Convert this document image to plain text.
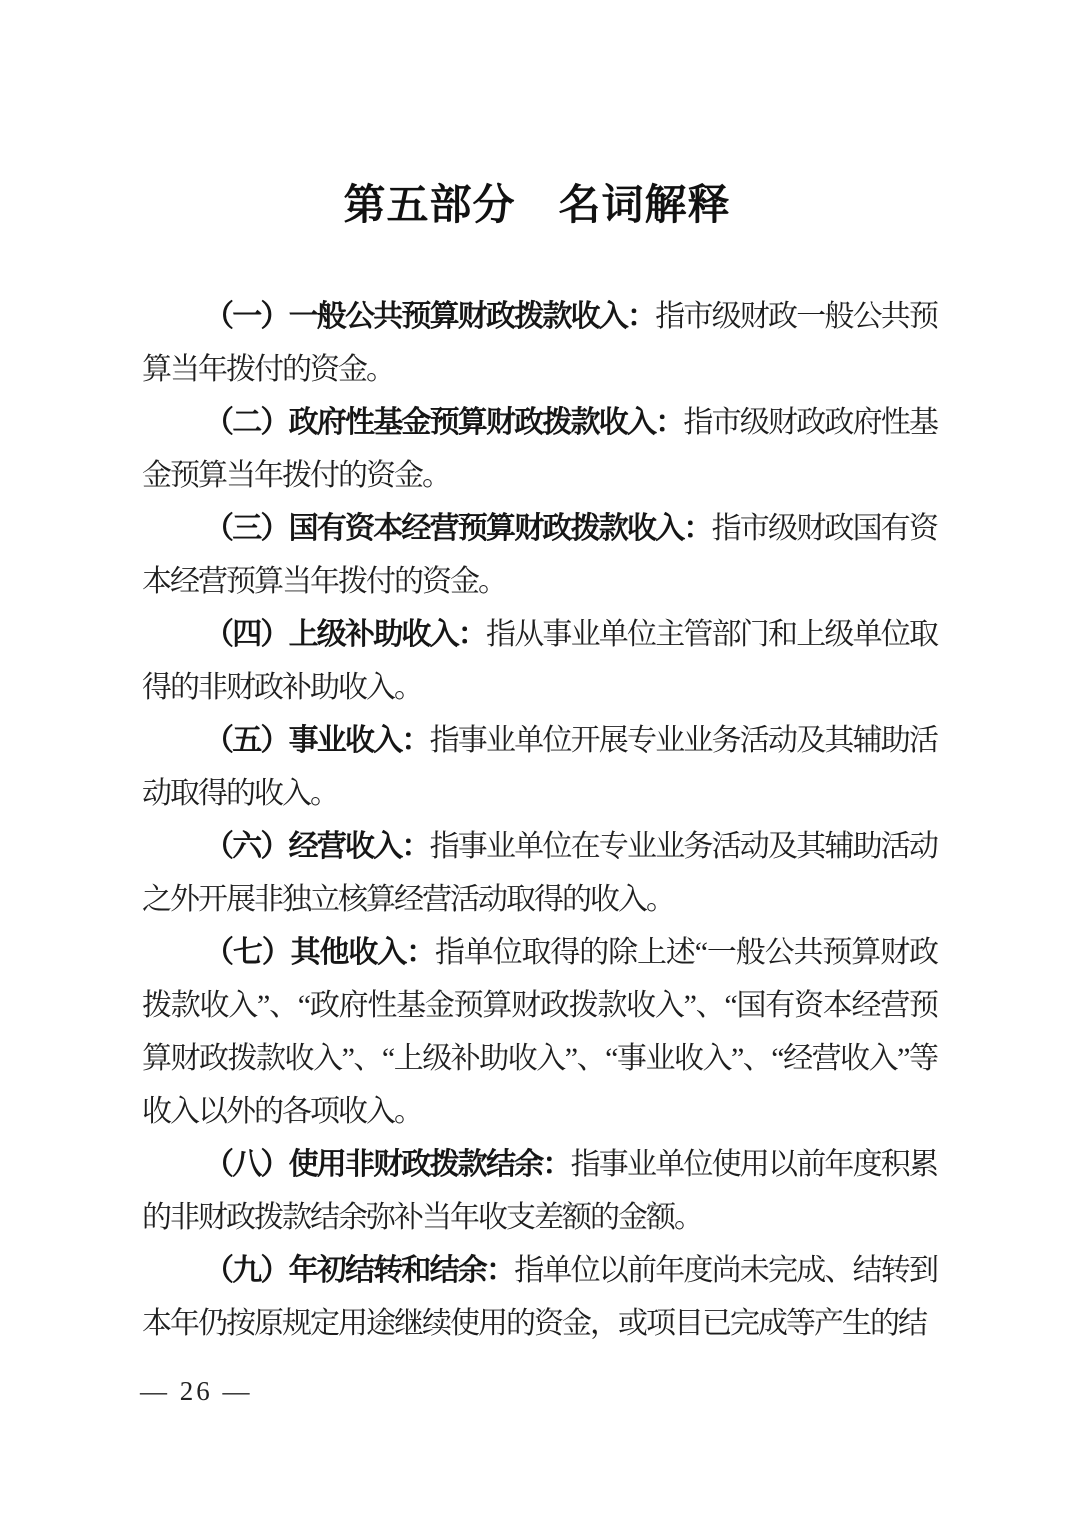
第五部分　名词解释

（一）一般公共预算财政拨款收入：指市级财政一般公共预算当年拨付的资金。

（二）政府性基金预算财政拨款收入：指市级财政政府性基金预算当年拨付的资金。

（三）国有资本经营预算财政拨款收入：指市级财政国有资本经营预算当年拨付的资金。

（四）上级补助收入：指从事业单位主管部门和上级单位取得的非财政补助收入。

（五）事业收入：指事业单位开展专业业务活动及其辅助活动取得的收入。

（六）经营收入：指事业单位在专业业务活动及其辅助活动之外开展非独立核算经营活动取得的收入。

（七）其他收入：指单位取得的除上述“一般公共预算财政拨款收入”、“政府性基金预算财政拨款收入”、“国有资本经营预算财政拨款收入”、“上级补助收入”、“事业收入”、“经营收入”等收入以外的各项收入。

（八）使用非财政拨款结余：指事业单位使用以前年度积累的非财政拨款结余弥补当年收支差额的金额。

（九）年初结转和结余：指单位以前年度尚未完成、结转到本年仍按原规定用途继续使用的资金，或项目已完成等产生的结

— 26 —
